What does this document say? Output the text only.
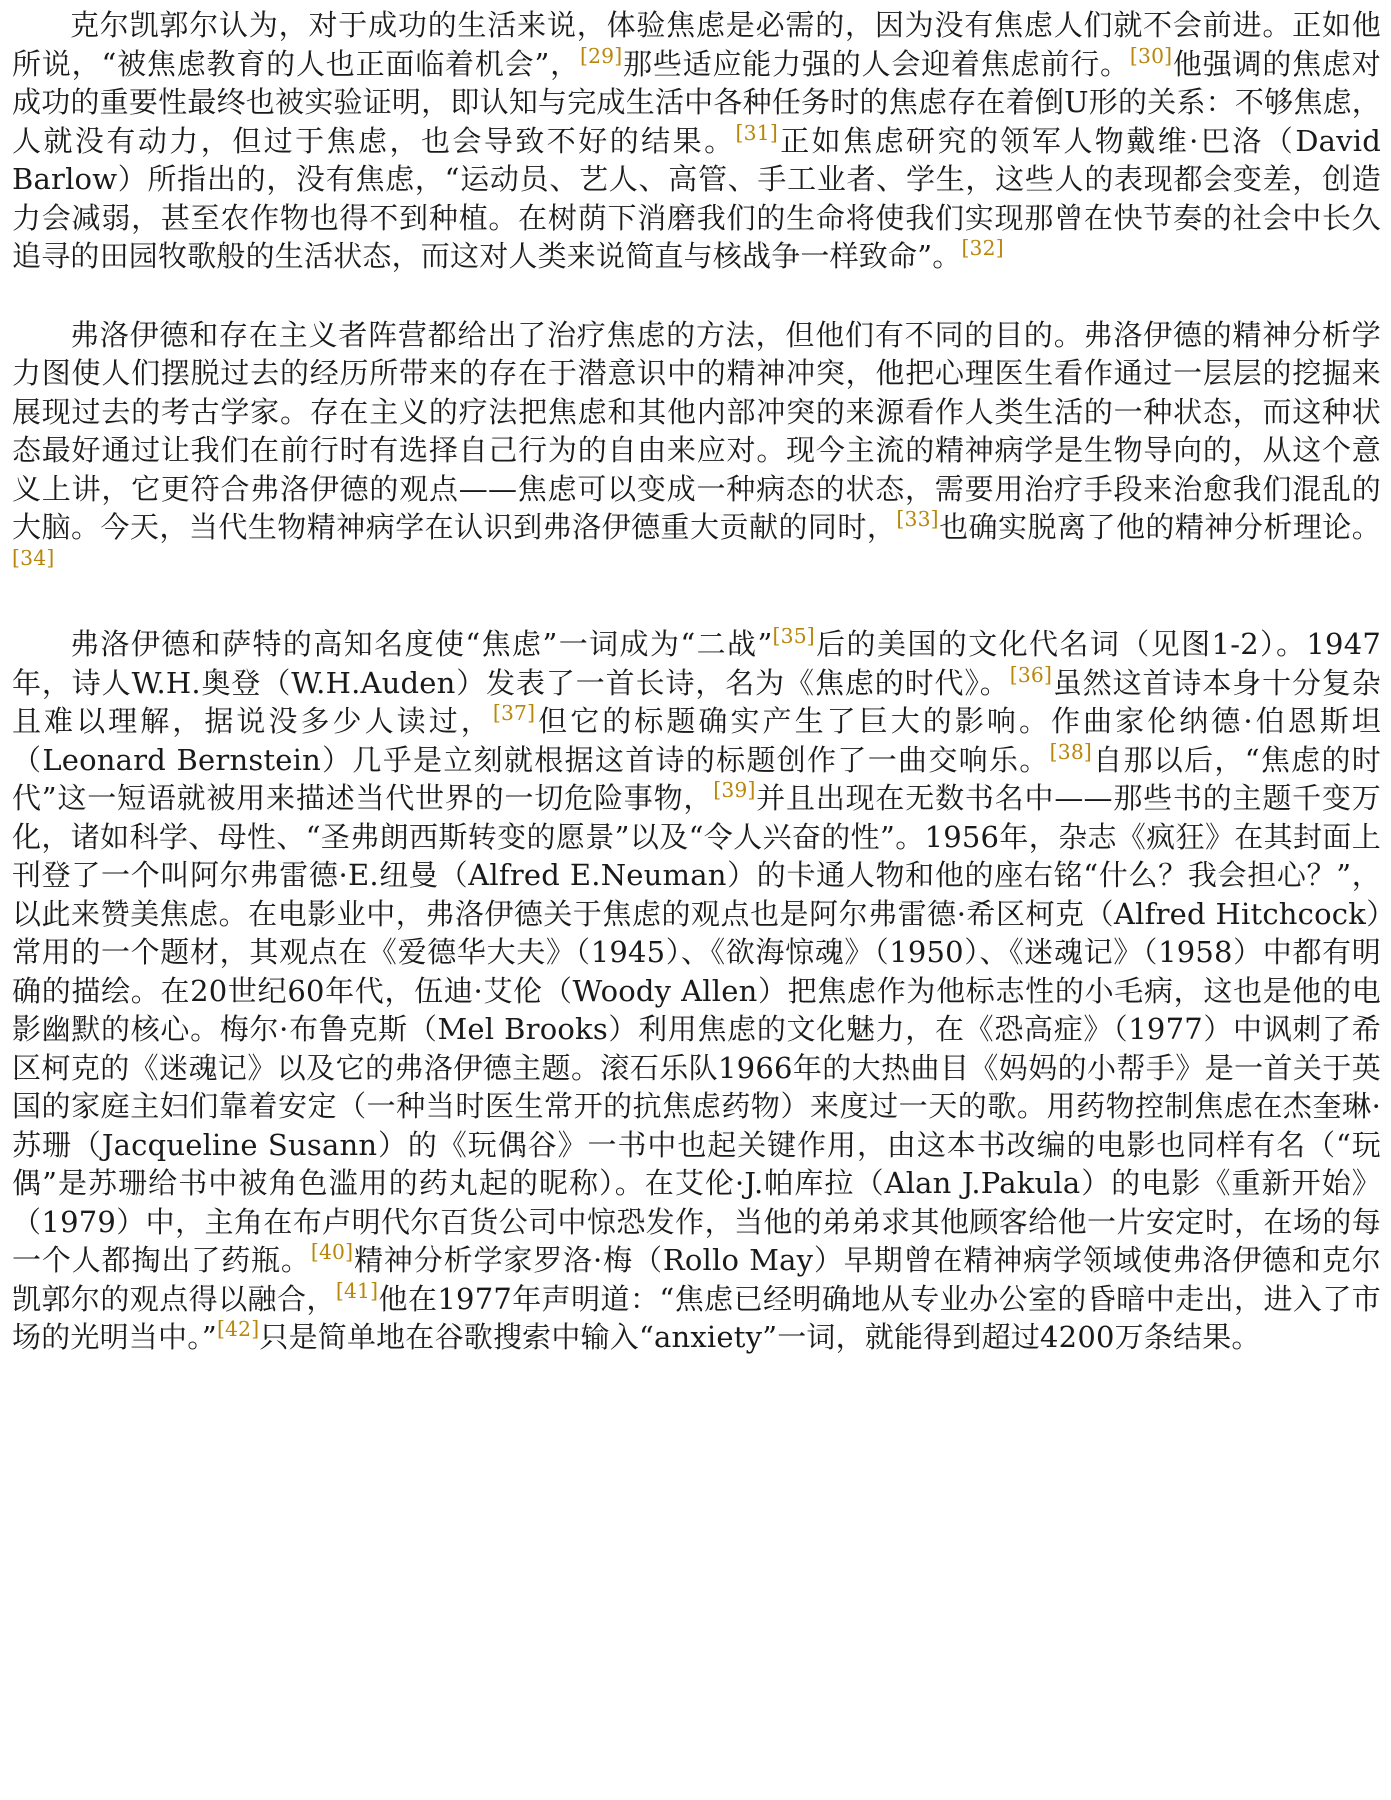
克尔凯郭尔认为，对于成功的生活来说，体验焦虑是必需的，因为没有焦虑人们就不会前进。正如他所说，“被焦虑教育的人也正面临着机会”，[29]那些适应能力强的人会迎着焦虑前行。[30]他强调的焦虑对成功的重要性最终也被实验证明，即认知与完成生活中各种任务时的焦虑存在着倒U形的关系：不够焦虑，人就没有动力，但过于焦虑，也会导致不好的结果。[31]正如焦虑研究的领军人物戴维·巴洛（David Barlow）所指出的，没有焦虑，“运动员、艺人、高管、手工业者、学生，这些人的表现都会变差，创造力会减弱，甚至农作物也得不到种植。在树荫下消磨我们的生命将使我们实现那曾在快节奏的社会中长久追寻的田园牧歌般的生活状态，而这对人类来说简直与核战争一样致命”。[32]

弗洛伊德和存在主义者阵营都给出了治疗焦虑的方法，但他们有不同的目的。弗洛伊德的精神分析学力图使人们摆脱过去的经历所带来的存在于潜意识中的精神冲突，他把心理医生看作通过一层层的挖掘来展现过去的考古学家。存在主义的疗法把焦虑和其他内部冲突的来源看作人类生活的一种状态，而这种状态最好通过让我们在前行时有选择自己行为的自由来应对。现今主流的精神病学是生物导向的，从这个意义上讲，它更符合弗洛伊德的观点——焦虑可以变成一种病态的状态，需要用治疗手段来治愈我们混乱的大脑。今天，当代生物精神病学在认识到弗洛伊德重大贡献的同时，[33]也确实脱离了他的精神分析理论。[34]

弗洛伊德和萨特的高知名度使“焦虑”一词成为“二战”[35]后的美国的文化代名词（见图1-2）。1947年，诗人W.H.奥登（W.H.Auden）发表了一首长诗，名为《焦虑的时代》。[36]虽然这首诗本身十分复杂且难以理解，据说没多少人读过，[37]但它的标题确实产生了巨大的影响。作曲家伦纳德·伯恩斯坦（Leonard Bernstein）几乎是立刻就根据这首诗的标题创作了一曲交响乐。[38]自那以后，“焦虑的时代”这一短语就被用来描述当代世界的一切危险事物，[39]并且出现在无数书名中——那些书的主题千变万化，诸如科学、母性、“圣弗朗西斯转变的愿景”以及“令人兴奋的性”。1956年，杂志《疯狂》在其封面上刊登了一个叫阿尔弗雷德·E.纽曼（Alfred E.Neuman）的卡通人物和他的座右铭“什么？我会担心？”，以此来赞美焦虑。在电影业中，弗洛伊德关于焦虑的观点也是阿尔弗雷德·希区柯克（Alfred Hitchcock）常用的一个题材，其观点在《爱德华大夫》（1945）、《欲海惊魂》（1950）、《迷魂记》（1958）中都有明确的描绘。在20世纪60年代，伍迪·艾伦（Woody Allen）把焦虑作为他标志性的小毛病，这也是他的电影幽默的核心。梅尔·布鲁克斯（Mel Brooks）利用焦虑的文化魅力，在《恐高症》（1977）中讽刺了希区柯克的《迷魂记》以及它的弗洛伊德主题。滚石乐队1966年的大热曲目《妈妈的小帮手》是一首关于英国的家庭主妇们靠着安定（一种当时医生常开的抗焦虑药物）来度过一天的歌。用药物控制焦虑在杰奎琳·苏珊（Jacqueline Susann）的《玩偶谷》一书中也起关键作用，由这本书改编的电影也同样有名（“玩偶”是苏珊给书中被角色滥用的药丸起的昵称）。在艾伦·J.帕库拉（Alan J.Pakula）的电影《重新开始》（1979）中，主角在布卢明代尔百货公司中惊恐发作，当他的弟弟求其他顾客给他一片安定时，在场的每一个人都掏出了药瓶。[40]精神分析学家罗洛·梅（Rollo May）早期曾在精神病学领域使弗洛伊德和克尔凯郭尔的观点得以融合，[41]他在1977年声明道：“焦虑已经明确地从专业办公室的昏暗中走出，进入了市场的光明当中。”[42]只是简单地在谷歌搜索中输入“anxiety”一词，就能得到超过4200万条结果。
